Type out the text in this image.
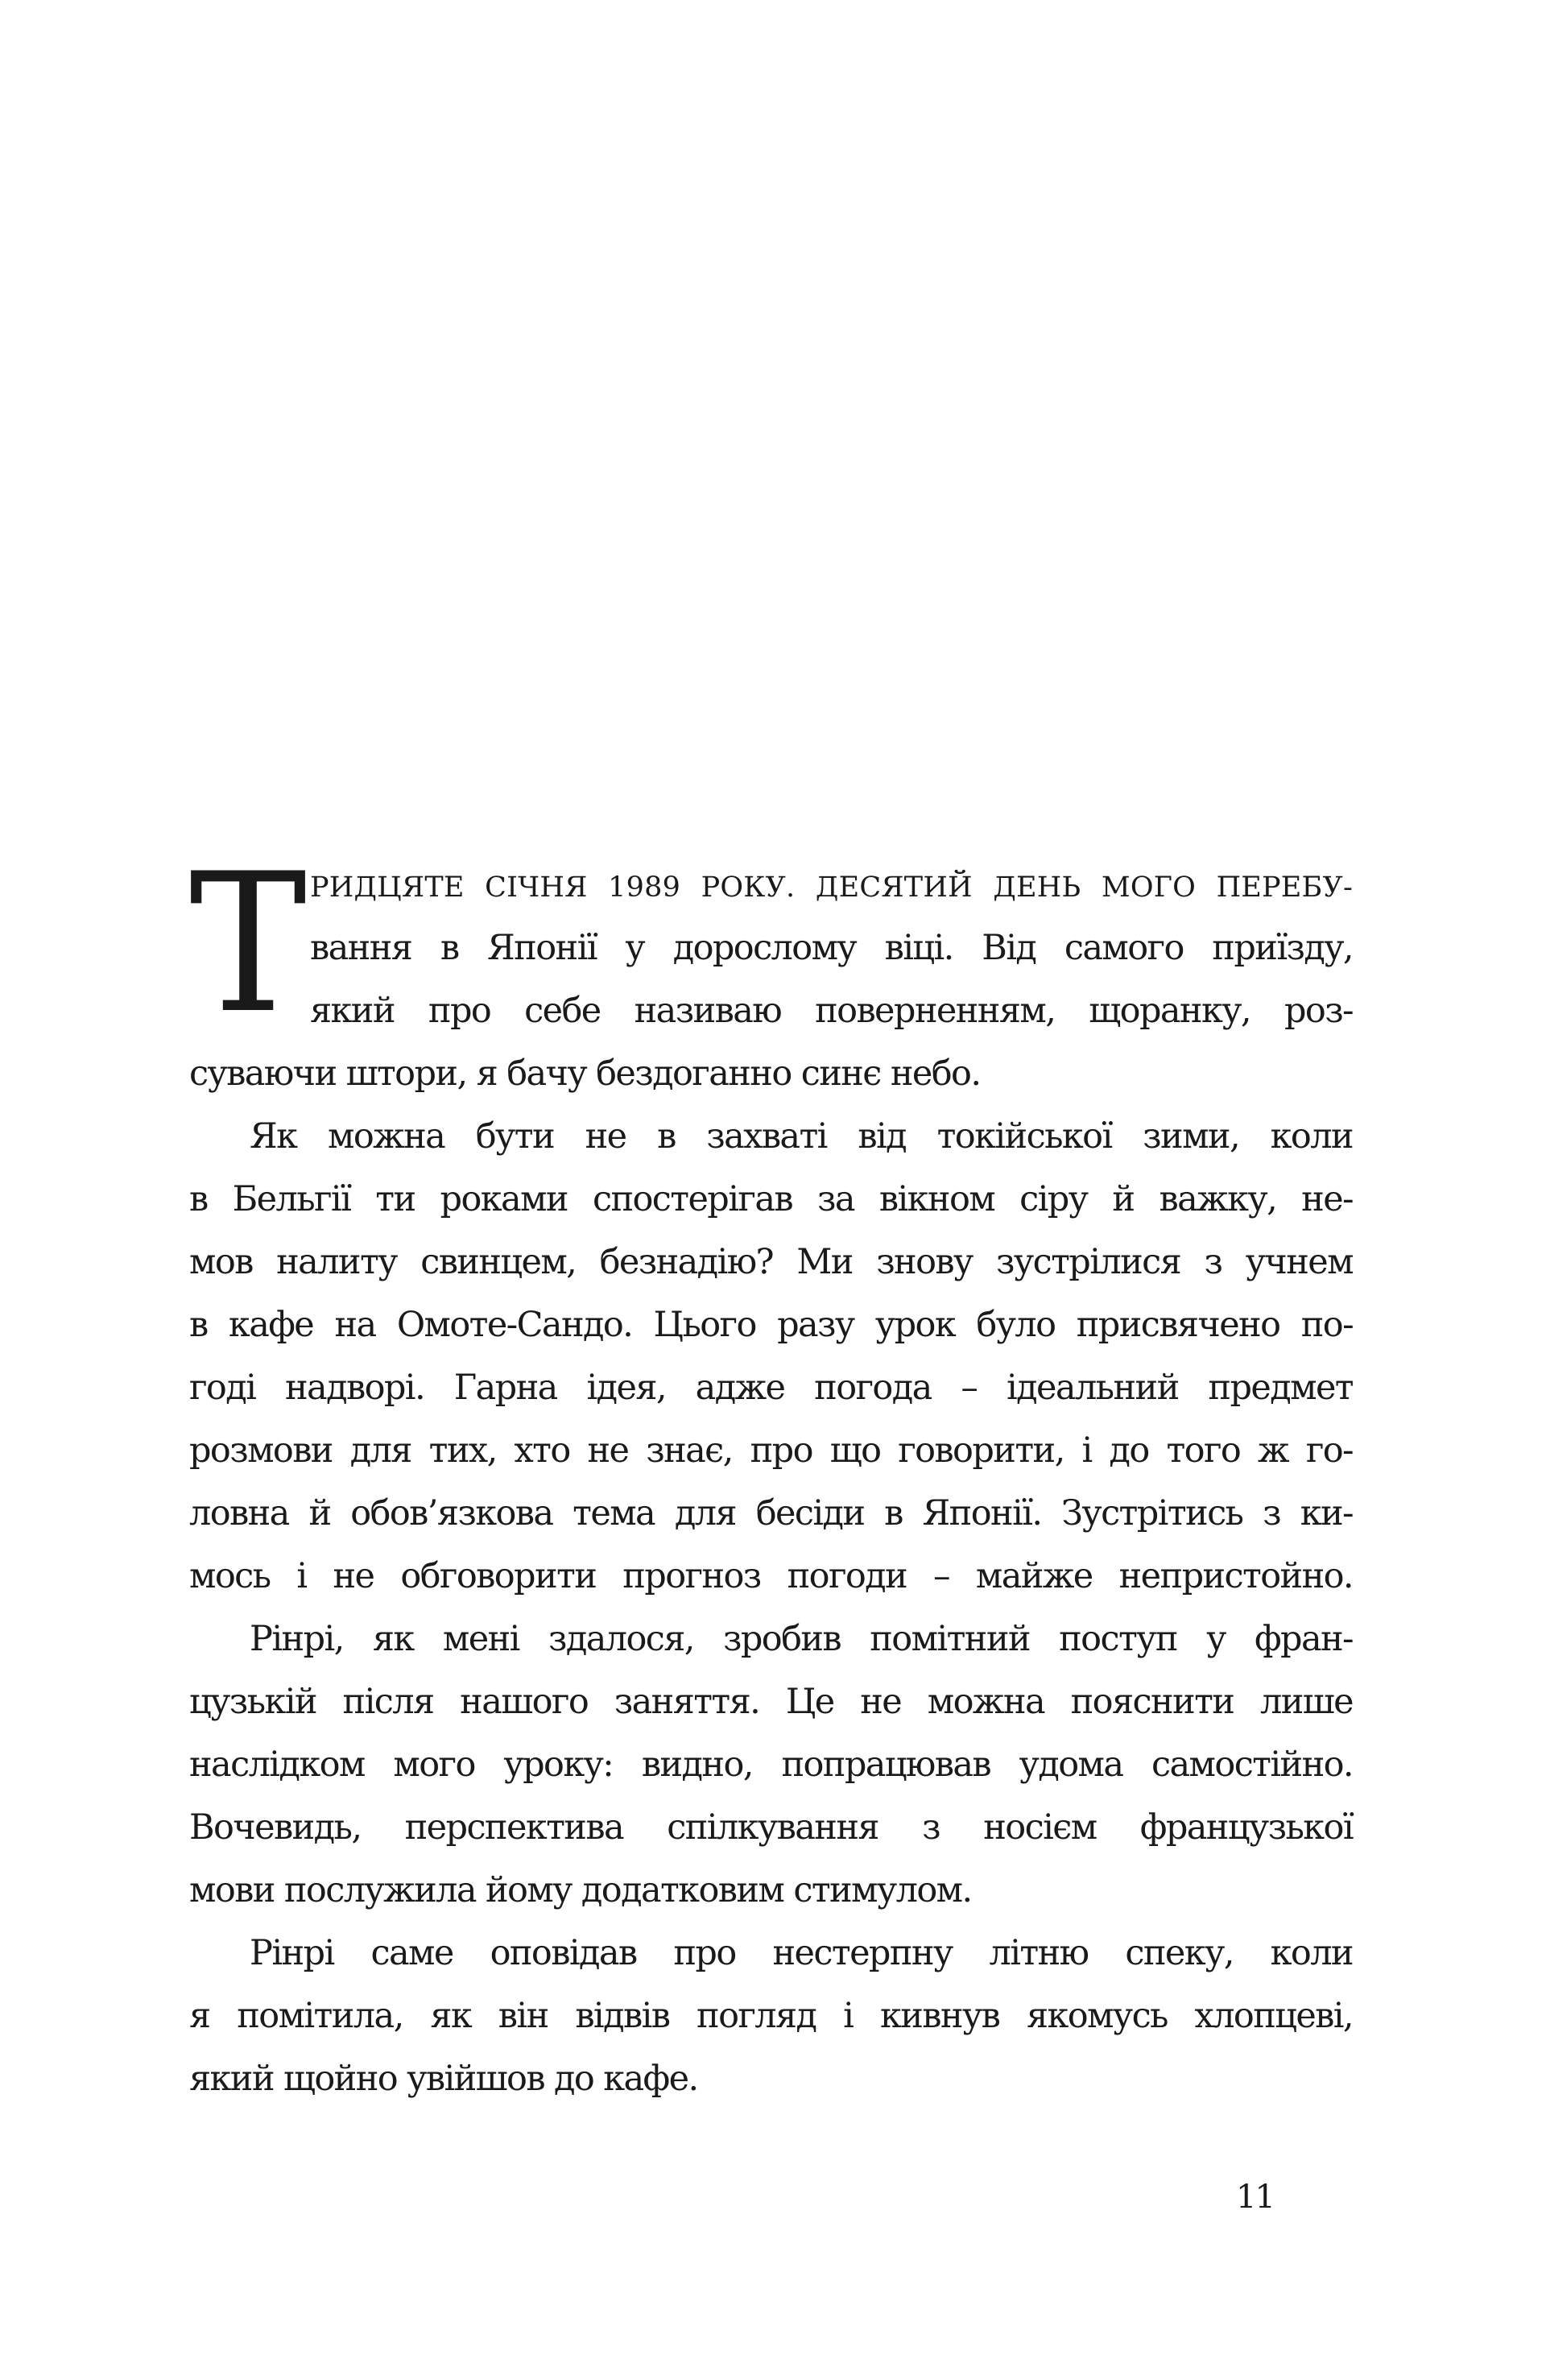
Т РИДЦЯТЕ СІЧНЯ 1989 РОКУ. ДЕСЯТИЙ ДЕНЬ МОГО ПЕРЕБУ-
вання в Японії у дорослому віці. Від самого приїзду,
який про себе називаю поверненням, щоранку, роз-
суваючи штори, я бачу бездоганно синє небо.
Як можна бути не в захваті від токійської зими, коли
в Бельгії ти роками спостерігав за вікном сіру й важку, не-
мов налиту свинцем, безнадію? Ми знову зустрілися з учнем
в кафе на Омоте-Сандо. Цього разу урок було присвячено по-
годі надворі. Гарна ідея, адже погода – ідеальний предмет
розмови для тих, хто не знає, про що говорити, і до того ж го-
ловна й обов’язкова тема для бесіди в Японії. Зустрітись з ки-
мось і не обговорити прогноз погоди – майже непристойно.
Рінрі, як мені здалося, зробив помітний поступ у фран-
цузькій після нашого заняття. Це не можна пояснити лише
наслідком мого уроку: видно, попрацював удома самостійно.
Вочевидь, перспектива спілкування з носієм французької
мови послужила йому додатковим стимулом.
Рінрі саме оповідав про нестерпну літню спеку, коли
я помітила, як він відвів погляд і кивнув якомусь хлопцеві,
який щойно увійшов до кафе.
11
